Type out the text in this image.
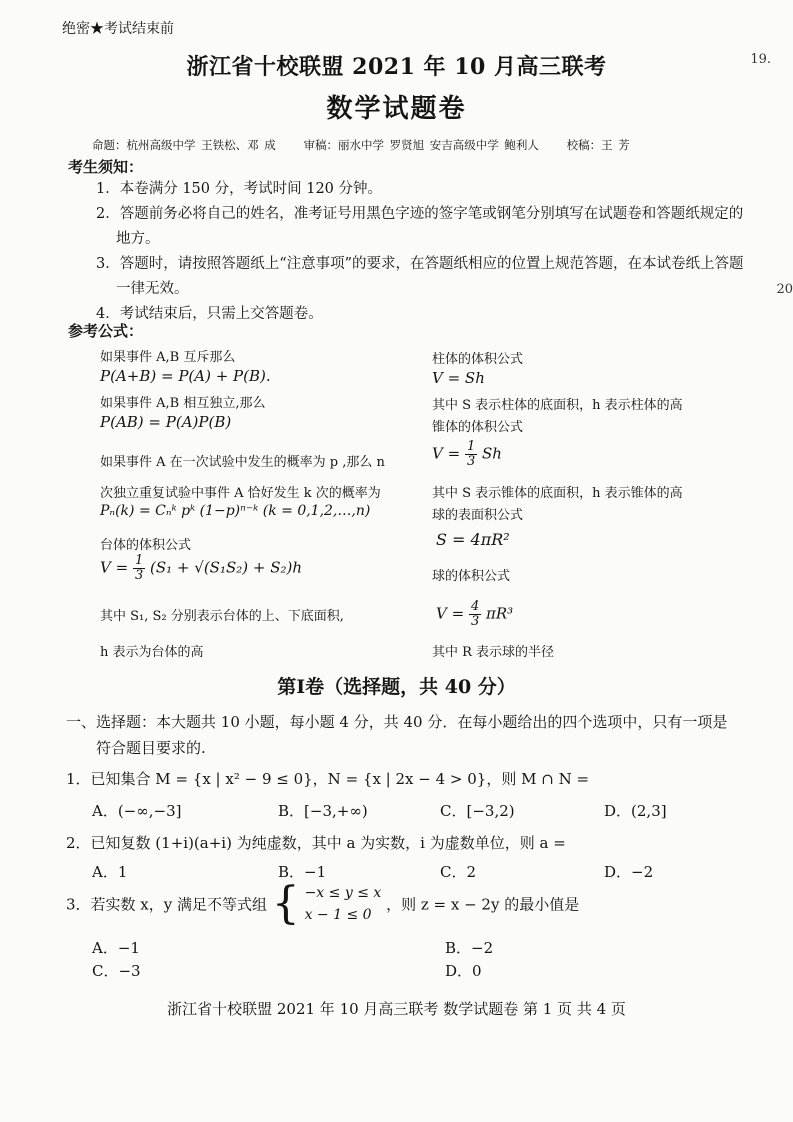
绝密★考试结束前
19.
20
浙江省十校联盟 2021 年 10 月高三联考
数学试题卷
命题：杭州高级中学 王铁松、邓 成 审稿：丽水中学 罗贤旭 安吉高级中学 鲍利人 校稿：王 芳
考生须知：
1．本卷满分 150 分，考试时间 120 分钟。
2．答题前务必将自己的姓名，准考证号用黑色字迹的签字笔或钢笔分别填写在试题卷和答题纸规定的地方。
3．答题时，请按照答题纸上“注意事项”的要求，在答题纸相应的位置上规范答题，在本试卷纸上答题一律无效。
4．考试结束后，只需上交答题卷。
参考公式：
如果事件 A,B 互斥那么
P(A+B) = P(A) + P(B).
如果事件 A,B 相互独立,那么
P(AB) = P(A)P(B)
如果事件 A 在一次试验中发生的概率为 p ,那么 n
次独立重复试验中事件 A 恰好发生 k 次的概率为
Pₙ(k) = Cₙᵏ pᵏ (1−p)ⁿ⁻ᵏ (k = 0,1,2,…,n)
台体的体积公式
$V = \frac{1}{3} (S_1 + √(S_1S_2) + S_2)h$
其中 S₁, S₂ 分别表示台体的上、下底面积,
h 表示为台体的高
柱体的体积公式
V = Sh
其中 S 表示柱体的底面积，h 表示柱体的高
锥体的体积公式
$V = \frac{1}{3}$ Sh
其中 S 表示锥体的底面积，h 表示锥体的高
球的表面积公式
S = 4πR²
球的体积公式
$V = \frac{4}{3} \pi R^3$
其中 R 表示球的半径
第Ⅰ卷（选择题，共 40 分）
一、选择题：本大题共 10 小题，每小题 4 分，共 40 分．在每小题给出的四个选项中，只有一项是
符合题目要求的.
1．已知集合 M = {x | x² − 9 ≤ 0}，N = {x | 2x − 4 > 0}，则 M ∩ N =
A．(−∞,−3]	B．[−3,+∞)	C．[−3,2)	D．(2,3]
2．已知复数 (1+i)(a+i) 为纯虚数，其中 a 为实数，i 为虚数单位，则 a =
A．1	B．−1	C．2	D．−2
3．若实数 x，y 满足不等式组 { −x ≤ y ≤ x
x − 1 ≤ 0
，则 z = x − 2y 的最小值是
A．−1	B．−2
C．−3	D．0
浙江省十校联盟 2021 年 10 月高三联考 数学试题卷 第 1 页 共 4 页
